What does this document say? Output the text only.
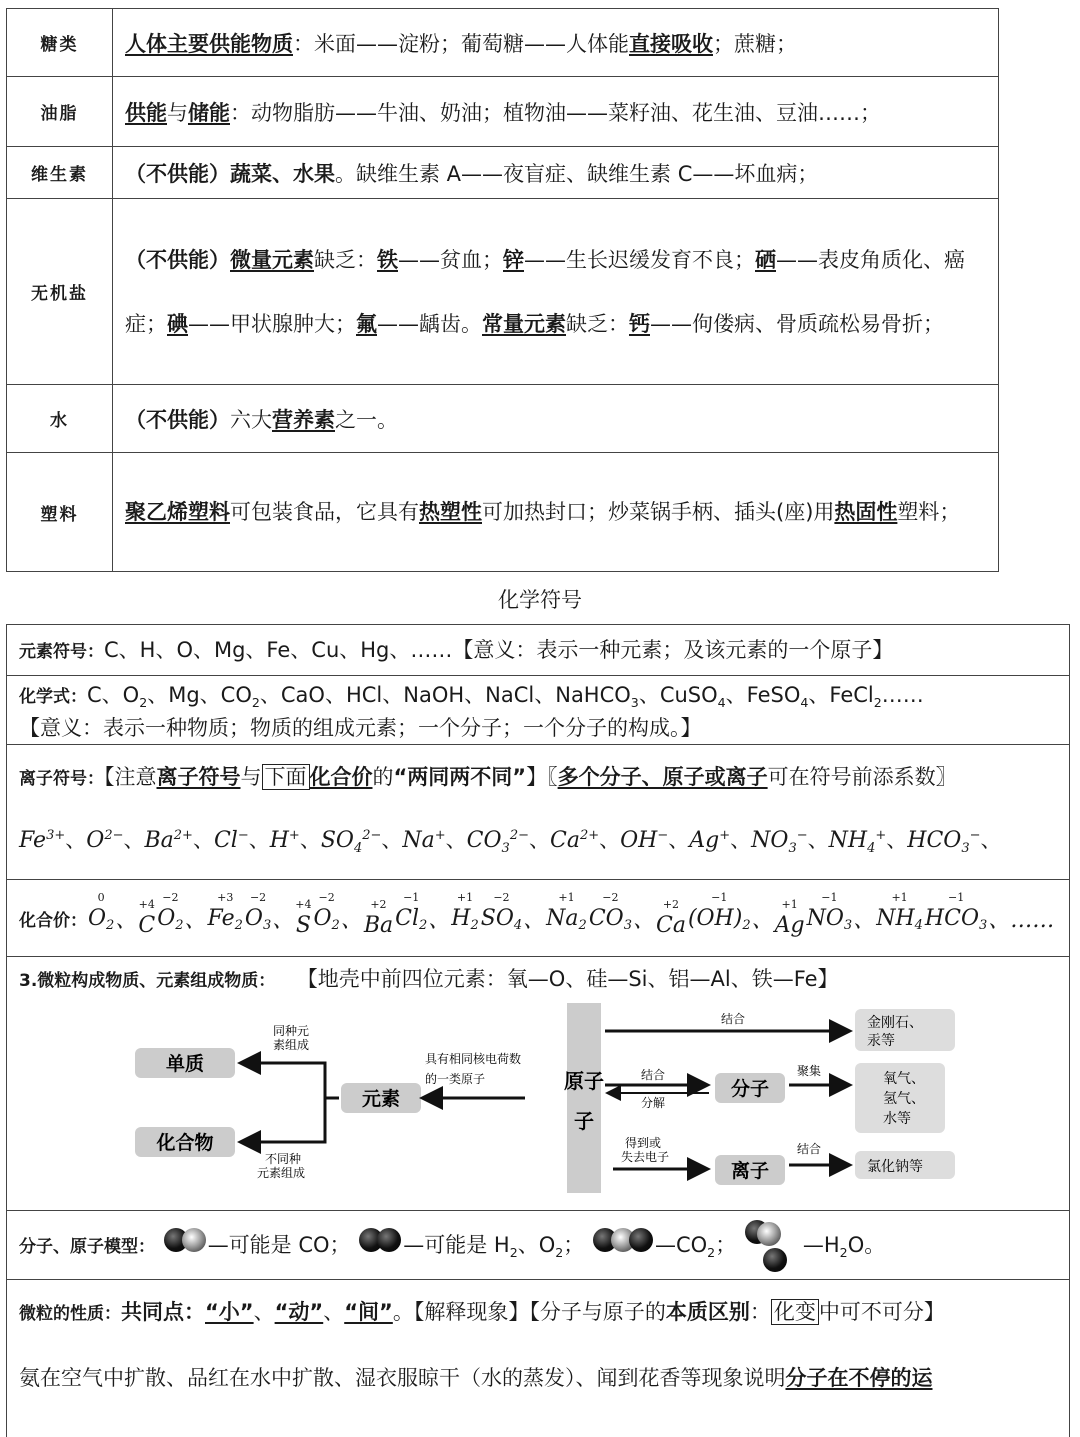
糖类	人体主要供能物质：米面——淀粉；葡萄糖——人体能直接吸收；蔗糖；
油脂	供能与储能：动物脂肪——牛油、奶油；植物油——菜籽油、花生油、豆油……；
维生素	（不供能）蔬菜、水果。缺维生素 A——夜盲症、缺维生素 C——坏血病；
无机盐	（不供能）微量元素缺乏：铁——贫血；锌——生长迟缓发育不良；硒——表皮角质化、癌症；碘——甲状腺肿大；氟——龋齿。常量元素缺乏：钙——佝偻病、骨质疏松易骨折；
水	（不供能）六大营养素之一。
塑料	聚乙烯塑料可包装食品，它具有热塑性可加热封口；炒菜锅手柄、插头(座)用热固性塑料；
化学符号
元素符号：C、H、O、Mg、Fe、Cu、Hg、……【意义：表示一种元素；及该元素的一个原子】
化学式：C、$O_2$、Mg、$CO_2$、CaO、HCl、NaOH、NaCl、NaHCO$_3$、CuSO$_4$、FeSO$_4$、FeCl$_2$……
【意义：表示一种物质；物质的组成元素；一个分子；一个分子的构成。】
离子符号：【注意离子符号与 下面 化合价的“两同两不同”】〖多个分子、原子或离子可在符号前添系数〗
$Fe^{3+}$、$O^{2-}$、$Ba^{2+}$、Cl−、H+、$SO_4^{2-}$、Na+、$CO_3^{2-}$、$Ca^{2+}$、OH−、Ag+、$NO_3^-$、$NH_4^+$、$HCO_3^-$、
化合价：
0
O2 、
+4
C
−2
O2 、
+3
Fe2
−2
O3 、
+4
S
−2
O2 、
+2
Ba
−1
Cl2 、
+1
H2
−2
SO4 、
+1
Na2
−2
CO3 、
+2
Ca
−1
(OH)2 、
+1
Ag
−1
NO3 、
+1
NH4
−1
HCO3 、……
3.微粒构成物质、元素组成物质： 【地壳中前四位元素：氧—O、硅—Si、铝—Al、铁—Fe】
单质
化合物
元素
同种元
素组成
不同种
元素组成
具有相同核电荷数
的一类原子	原子
子
结合	金刚石、
汞等
结合
分解
分子
聚集	氧气、
氢气、
水等
得到或
失去电子
离子
结合
氯化钠等
分子、原子模型：	—可能是 CO；	—可能是 $H_2$、$O_2$；	$—CO_2$；	$—H_2O$。
微粒的性质：共同点：“小”、“动”、“间”。【解释现象】【分子与原子的本质区别： 化变 中可不可分】
氨在空气中扩散、品红在水中扩散、湿衣服晾干（水的蒸发）、闻到花香等现象说明分子在不停的运
